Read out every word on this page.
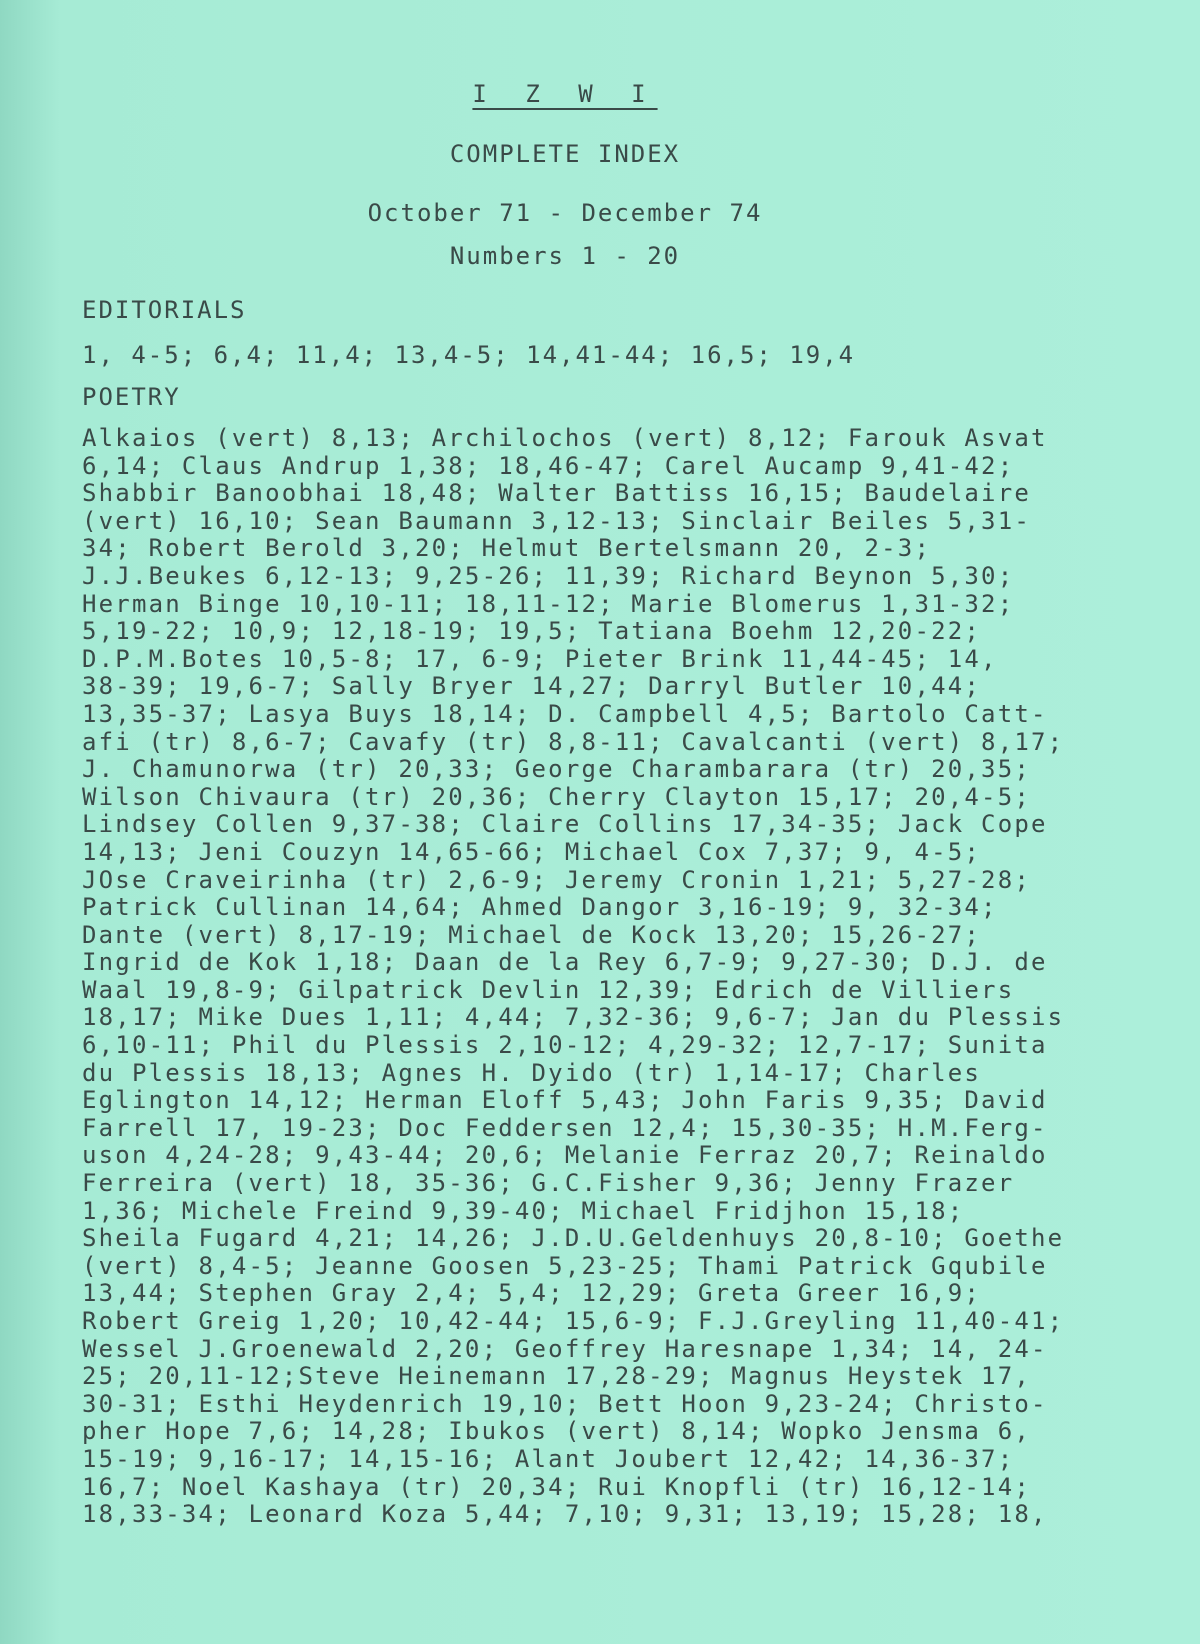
I Z W I
COMPLETE INDEX
October 71 - December 74
Numbers 1 - 20
EDITORIALS
1, 4-5; 6,4; 11,4; 13,4-5; 14,41-44; 16,5; 19,4
POETRY
Alkaios (vert) 8,13; Archilochos (vert) 8,12; Farouk Asvat
6,14; Claus Andrup 1,38; 18,46-47; Carel Aucamp 9,41-42;
Shabbir Banoobhai 18,48; Walter Battiss 16,15; Baudelaire
(vert) 16,10; Sean Baumann 3,12-13; Sinclair Beiles 5,31-
34; Robert Berold 3,20; Helmut Bertelsmann 20, 2-3;
J.J.Beukes 6,12-13; 9,25-26; 11,39; Richard Beynon 5,30;
Herman Binge 10,10-11; 18,11-12; Marie Blomerus 1,31-32;
5,19-22; 10,9; 12,18-19; 19,5; Tatiana Boehm 12,20-22;
D.P.M.Botes 10,5-8; 17, 6-9; Pieter Brink 11,44-45; 14,
38-39; 19,6-7; Sally Bryer 14,27; Darryl Butler 10,44;
13,35-37; Lasya Buys 18,14; D. Campbell 4,5; Bartolo Catt-
afi (tr) 8,6-7; Cavafy (tr) 8,8-11; Cavalcanti (vert) 8,17;
J. Chamunorwa (tr) 20,33; George Charambarara (tr) 20,35;
Wilson Chivaura (tr) 20,36; Cherry Clayton 15,17; 20,4-5;
Lindsey Collen 9,37-38; Claire Collins 17,34-35; Jack Cope
14,13; Jeni Couzyn 14,65-66; Michael Cox 7,37; 9, 4-5;
JOse Craveirinha (tr) 2,6-9; Jeremy Cronin 1,21; 5,27-28;
Patrick Cullinan 14,64; Ahmed Dangor 3,16-19; 9, 32-34;
Dante (vert) 8,17-19; Michael de Kock 13,20; 15,26-27;
Ingrid de Kok 1,18; Daan de la Rey 6,7-9; 9,27-30; D.J. de
Waal 19,8-9; Gilpatrick Devlin 12,39; Edrich de Villiers
18,17; Mike Dues 1,11; 4,44; 7,32-36; 9,6-7; Jan du Plessis
6,10-11; Phil du Plessis 2,10-12; 4,29-32; 12,7-17; Sunita
du Plessis 18,13; Agnes H. Dyido (tr) 1,14-17; Charles
Eglington 14,12; Herman Eloff 5,43; John Faris 9,35; David
Farrell 17, 19-23; Doc Feddersen 12,4; 15,30-35; H.M.Ferg-
uson 4,24-28; 9,43-44; 20,6; Melanie Ferraz 20,7; Reinaldo
Ferreira (vert) 18, 35-36; G.C.Fisher 9,36; Jenny Frazer
1,36; Michele Freind 9,39-40; Michael Fridjhon 15,18;
Sheila Fugard 4,21; 14,26; J.D.U.Geldenhuys 20,8-10; Goethe
(vert) 8,4-5; Jeanne Goosen 5,23-25; Thami Patrick Gqubile
13,44; Stephen Gray 2,4; 5,4; 12,29; Greta Greer 16,9;
Robert Greig 1,20; 10,42-44; 15,6-9; F.J.Greyling 11,40-41;
Wessel J.Groenewald 2,20; Geoffrey Haresnape 1,34; 14, 24-
25; 20,11-12;Steve Heinemann 17,28-29; Magnus Heystek 17,
30-31; Esthi Heydenrich 19,10; Bett Hoon 9,23-24; Christo-
pher Hope 7,6; 14,28; Ibukos (vert) 8,14; Wopko Jensma 6,
15-19; 9,16-17; 14,15-16; Alant Joubert 12,42; 14,36-37;
16,7; Noel Kashaya (tr) 20,34; Rui Knopfli (tr) 16,12-14;
18,33-34; Leonard Koza 5,44; 7,10; 9,31; 13,19; 15,28; 18,
